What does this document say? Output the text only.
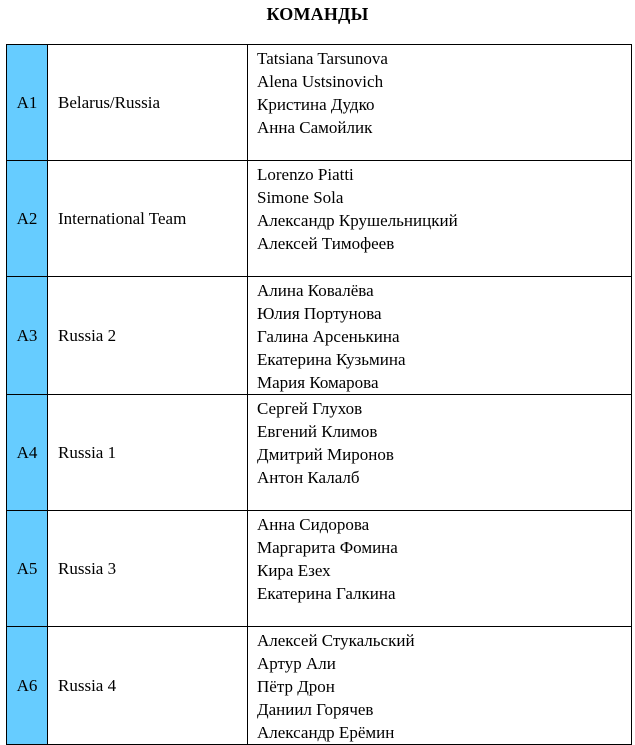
КОМАНДЫ
A1	Belarus/Russia	Tatsiana Tarsunova
Alena Ustsinovich
Кристина Дудко
Анна Самойлик

A2	International Team	Lorenzo Piatti
Simone Sola
Александр Крушельницкий
Алексей Тимофеев

A3	Russia 2	Алина Ковалёва
Юлия Портунова
Галина Арсенькина
Екатерина Кузьмина
Мария Комарова

A4	Russia 1	Сергей Глухов
Евгений Климов
Дмитрий Миронов
Антон Калалб

A5	Russia 3	Анна Сидорова
Маргарита Фомина
Кира Езех
Екатерина Галкина

A6	Russia 4	Алексей Стукальский
Артур Али
Пётр Дрон
Даниил Горячев
Александр Ерёмин
